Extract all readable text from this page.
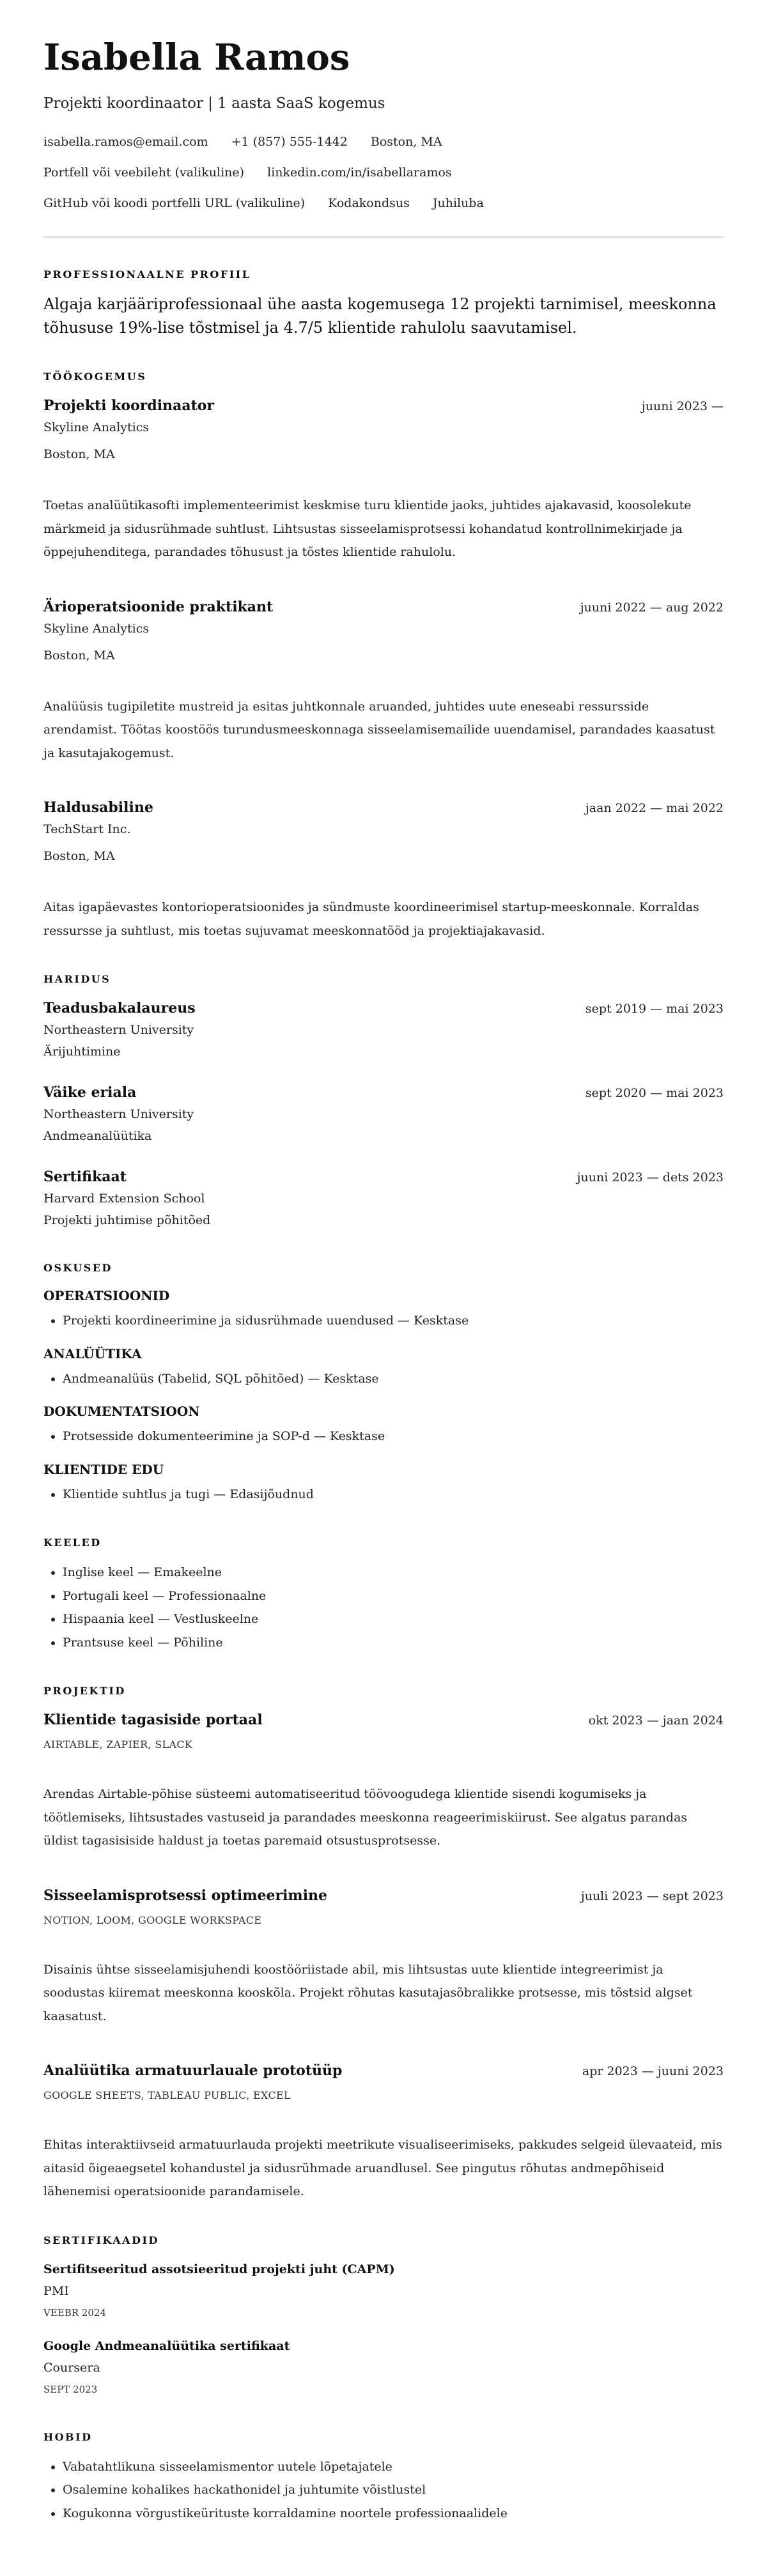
Isabella Ramos
Projekti koordinaator | 1 aasta SaaS kogemus
isabella.ramos@email.com +1 (857) 555-1442 Boston, MA
Portfell või veebileht (valikuline) linkedin.com/in/isabellaramos
GitHub või koodi portfelli URL (valikuline) Kodakondsus Juhiluba
PROFESSIONAALNE PROFIIL
Algaja karjääriprofessionaal ühe aasta kogemusega 12 projekti tarnimisel, meeskonna tõhususe 19%-lise tõstmisel ja 4.7/5 klientide rahulolu saavutamisel.
TÖÖKOGEMUS
Projekti koordinaator	juuni 2023 —
Skyline Analytics
Boston, MA
Toetas analüütikasofti implementeerimist keskmise turu klientide jaoks, juhtides ajakavasid, koosolekute märkmeid ja sidusrühmade suhtlust. Lihtsustas sisseelamisprotsessi kohandatud kontrollnimekirjade ja õppejuhenditega, parandades tõhusust ja tõstes klientide rahulolu.
Ärioperatsioonide praktikant	juuni 2022 — aug 2022
Skyline Analytics
Boston, MA
Analüüsis tugipiletite mustreid ja esitas juhtkonnale aruanded, juhtides uute eneseabi ressursside arendamist. Töötas koostöös turundusmeeskonnaga sisseelamisemailide uuendamisel, parandades kaasatust ja kasutajakogemust.
Haldusabiline	jaan 2022 — mai 2022
TechStart Inc.
Boston, MA
Aitas igapäevastes kontorioperatsioonides ja sündmuste koordineerimisel startup-meeskonnale. Korraldas ressursse ja suhtlust, mis toetas sujuvamat meeskonnatööd ja projektiajakavasid.
HARIDUS
Teadusbakalaureus	sept 2019 — mai 2023
Northeastern University
Ärijuhtimine
Väike eriala	sept 2020 — mai 2023
Northeastern University
Andmeanalüütika
Sertifikaat	juuni 2023 — dets 2023
Harvard Extension School
Projekti juhtimise põhitõed
OSKUSED
OPERATSIOONID
• Projekti koordineerimine ja sidusrühmade uuendused — Kesktase
ANALÜÜTIKA
• Andmeanalüüs (Tabelid, SQL põhitõed) — Kesktase
DOKUMENTATSIOON
• Protsesside dokumenteerimine ja SOP-d — Kesktase
KLIENTIDE EDU
• Klientide suhtlus ja tugi — Edasijõudnud
KEELED
• Inglise keel — Emakeelne
• Portugali keel — Professionaalne
• Hispaania keel — Vestluskeelne
• Prantsuse keel — Põhiline
PROJEKTID
Klientide tagasiside portaal	okt 2023 — jaan 2024
AIRTABLE, ZAPIER, SLACK
Arendas Airtable-põhise süsteemi automatiseeritud töövoogudega klientide sisendi kogumiseks ja töötlemiseks, lihtsustades vastuseid ja parandades meeskonna reageerimiskiirust. See algatus parandas üldist tagasisiside haldust ja toetas paremaid otsustusprotsesse.
Sisseelamisprotsessi optimeerimine	juuli 2023 — sept 2023
NOTION, LOOM, GOOGLE WORKSPACE
Disainis ühtse sisseelamisjuhendi koostööriistade abil, mis lihtsustas uute klientide integreerimist ja soodustas kiiremat meeskonna kooskõla. Projekt rõhutas kasutajasõbralikke protsesse, mis tõstsid algset kaasatust.
Analüütika armatuurlauale prototüüp	apr 2023 — juuni 2023
GOOGLE SHEETS, TABLEAU PUBLIC, EXCEL
Ehitas interaktiivseid armatuurlauda projekti meetrikute visualiseerimiseks, pakkudes selgeid ülevaateid, mis aitasid õigeaegsetel kohandustel ja sidusrühmade aruandlusel. See pingutus rõhutas andmepõhiseid lähenemisi operatsioonide parandamisele.
SERTIFIKAADID
Sertifitseeritud assotsieeritud projekti juht (CAPM)
PMI
VEEBR 2024
Google Andmeanalüütika sertifikaat
Coursera
SEPT 2023
HOBID
• Vabatahtlikuna sisseelamismentor uutele lõpetajatele
• Osalemine kohalikes hackathonidel ja juhtumite võistlustel
• Kogukonna võrgustikeürituste korraldamine noortele professionaalidele
